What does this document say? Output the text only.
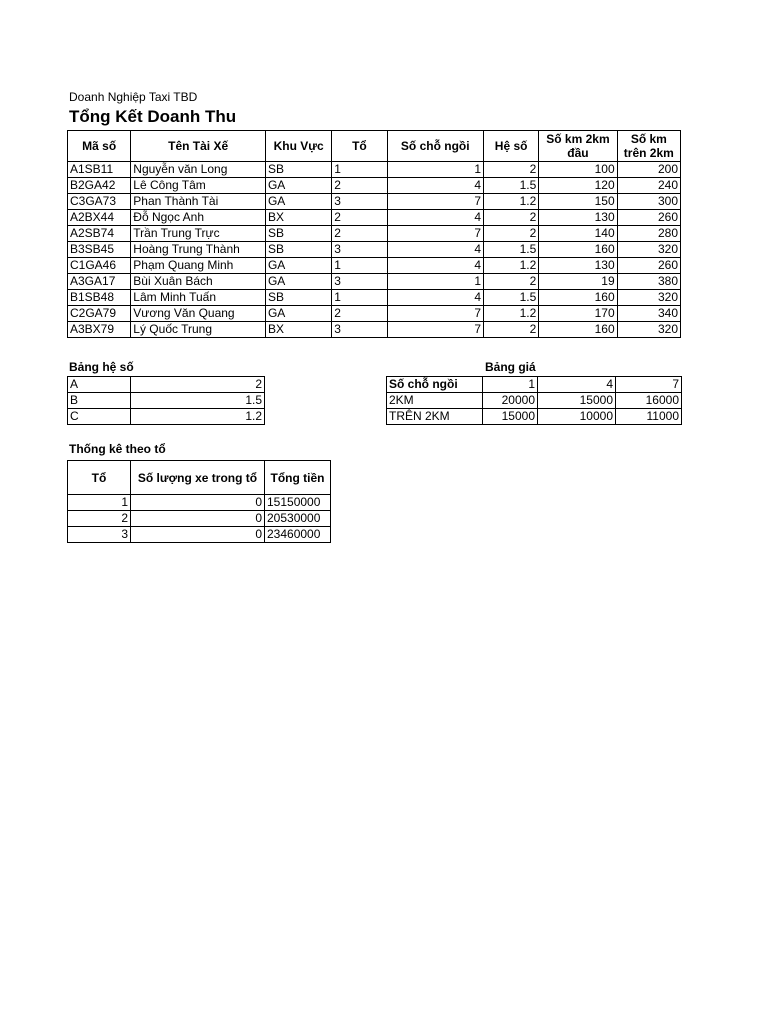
Doanh Nghiệp Taxi TBD
Tổng Kết Doanh Thu
Mã số	Tên Tài Xế	Khu Vực	Tổ	Số chỗ ngồi	Hệ số	Số km 2km đầu	Số km trên 2km
A1SB11	Nguyễn văn Long	SB	1	1	2	100	200
B2GA42	Lê Công Tâm	GA	2	4	1.5	120	240
C3GA73	Phan Thành Tài	GA	3	7	1.2	150	300
A2BX44	Đỗ Ngọc Anh	BX	2	4	2	130	260
A2SB74	Trần Trung Trực	SB	2	7	2	140	280
B3SB45	Hoàng Trung Thành	SB	3	4	1.5	160	320
C1GA46	Phạm Quang Minh	GA	1	4	1.2	130	260
A3GA17	Bùi Xuân Bách	GA	3	1	2	19	380
B1SB48	Lâm Minh Tuấn	SB	1	4	1.5	160	320
C2GA79	Vương Văn Quang	GA	2	7	1.2	170	340
A3BX79	Lý Quốc Trung	BX	3	7	2	160	320
Bảng hệ số
A	2
B	1.5
C	1.2
Bảng giá
Số chỗ ngồi	1	4	7
2KM	20000	15000	16000
TRÊN 2KM	15000	10000	11000
Thống kê theo tổ
Tổ	Số lượng xe trong tổ	Tổng tiền
1	0	15150000
2	0	20530000
3	0	23460000
